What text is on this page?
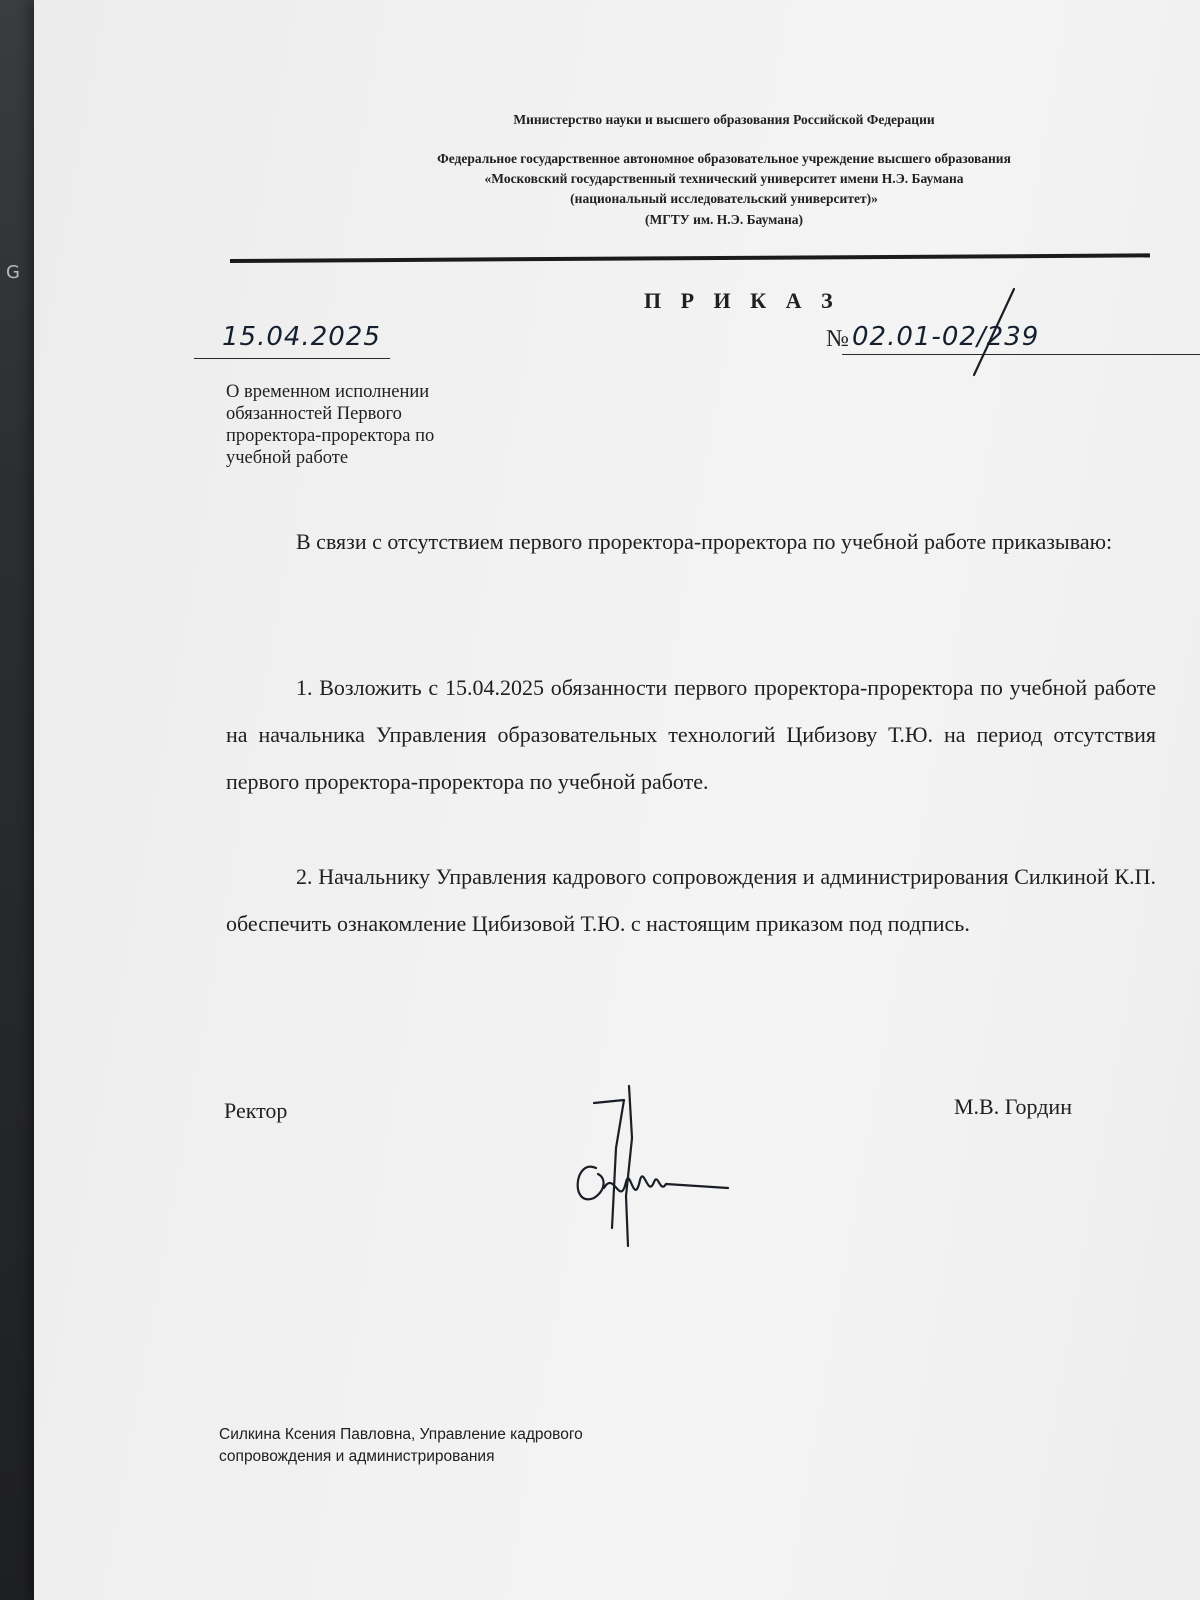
G
Министерство науки и высшего образования Российской Федерации
Федеральное государственное автономное образовательное учреждение высшего образования
«Московский государственный технический университет имени Н.Э. Баумана
(национальный исследовательский университет)»
(МГТУ им. Н.Э. Баумана)
П Р И К А З
15.04.2025	№ 02.01-02/239
О временном исполнении
обязанностей Первого
проректора-проректора по
учебной работе
В связи с отсутствием первого проректора-проректора по учебной работе приказываю:
1. Возложить с 15.04.2025 обязанности первого проректора-проректора по учебной работе на начальника Управления образовательных технологий Цибизову Т.Ю. на период отсутствия первого проректора-проректора по учебной работе.
2. Начальнику Управления кадрового сопровождения и администрирования Силкиной К.П. обеспечить ознакомление Цибизовой Т.Ю. с настоящим приказом под подпись.
Ректор	М.В. Гордин
Силкина Ксения Павловна, Управление кадрового
сопровождения и администрирования
